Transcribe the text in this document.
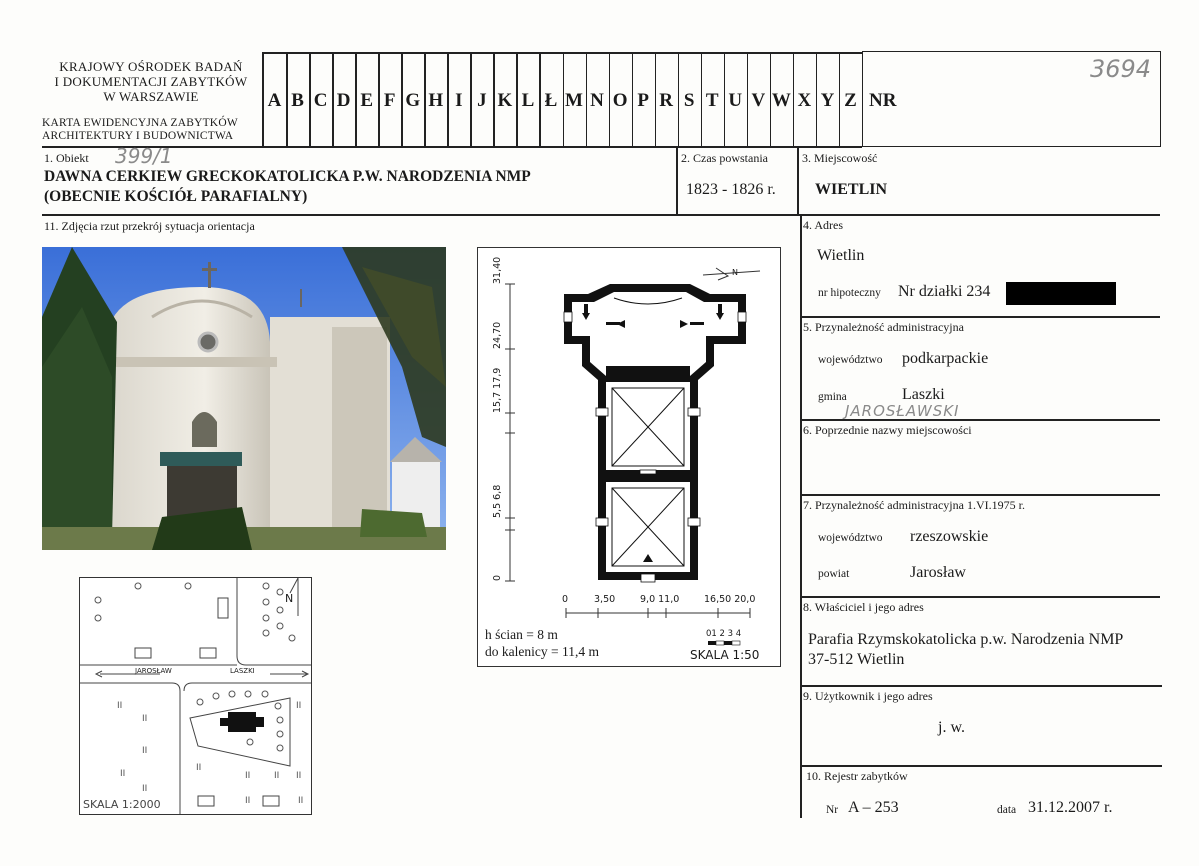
KRAJOWY OŚRODEK BADAŃ
I DOKUMENTACJI ZABYTKÓW
W WARSZAWIE
KARTA EWIDENCYJNA ZABYTKÓW
ARCHITEKTURY I BUDOWNICTWA
A B C D E F G H I J K L Ł M N O P R S T U V W X Y Z NR
3694
1. Obiekt 399/1
DAWNA CERKIEW GRECKOKATOLICKA P.W. NARODZENIA NMP
(OBECNIE KOŚCIÓŁ PARAFIALNY)
2. Czas powstania
1823 - 1826 r.
3. Miejscowość
WIETLIN
11. Zdjęcia rzut przekrój sytuacja orientacja
II
II
II
II
II
II
II
II
II	II
II	II
JAROSŁAW	LASZKI
N
SKALA 1:2000
N
31,40
24,70
15,7 17,9
5,5 6,8
0
0	3,50	9,0 11,0	16,50 20,0
h ścian = 8 m
do kalenicy = 11,4 m
01 2 3 4
SKALA 1:50
4. Adres
Wietlin
nr hipoteczny Nr działki 234
5. Przynależność administracyjna
województwo podkarpackie
gmina	Laszki
JAROSŁAWSKI
6. Poprzednie nazwy miejscowości
7. Przynależność administracyjna 1.VI.1975 r.
województwo rzeszowskie
powiat	Jarosław
8. Właściciel i jego adres
Parafia Rzymskokatolicka p.w. Narodzenia NMP
37-512 Wietlin
9. Użytkownik i jego adres
j. w.
10. Rejestr zabytków
Nr A – 253	data 31.12.2007 r.
